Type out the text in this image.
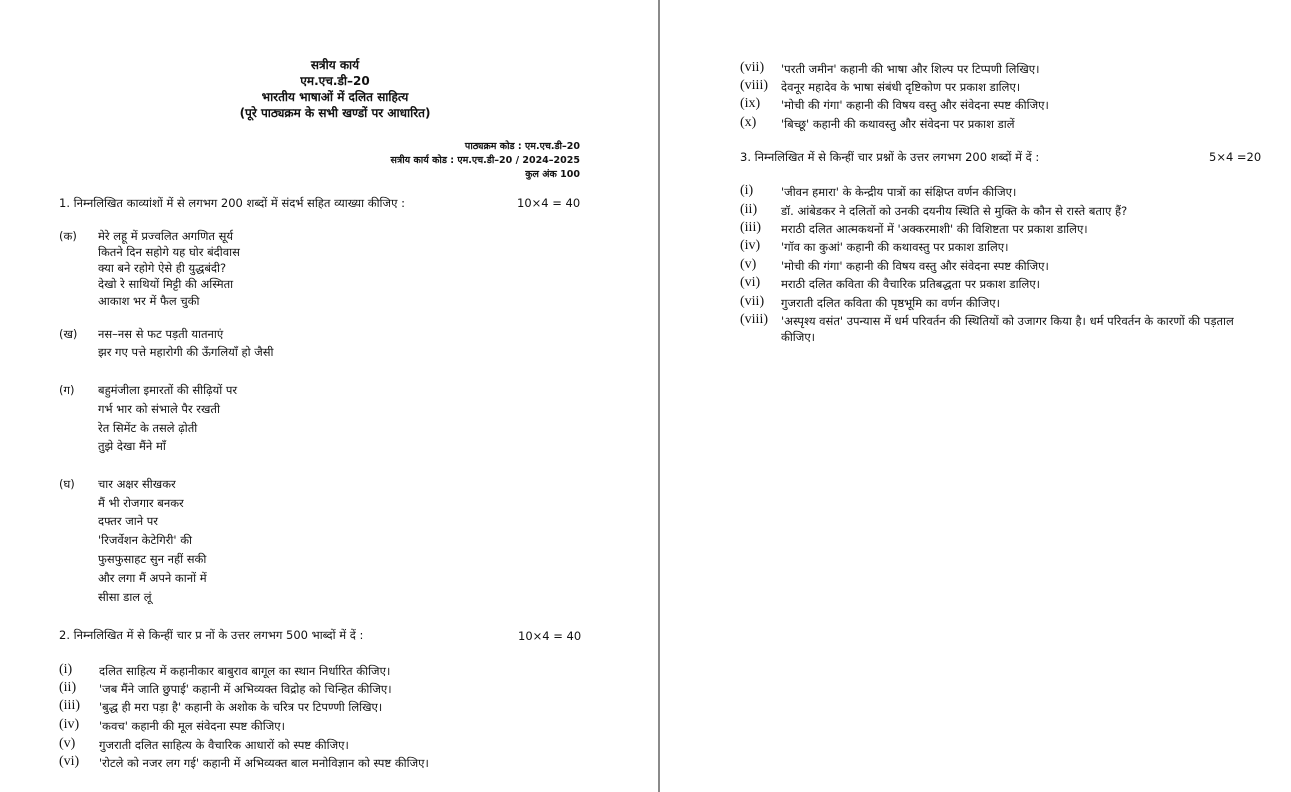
सत्रीय कार्य
एम.एच.डी–20
भारतीय भाषाओं में दलित साहित्य
(पूरे पाठ्यक्रम के सभी खण्डों पर आधारित)
पाठ्यक्रम कोड : एम.एच.डी–20
सत्रीय कार्य कोड : एम.एच.डी–20 / 2024–2025
कुल अंक 100
1. निम्नलिखित काव्यांशों में से लगभग 200 शब्दों में संदर्भ सहित व्याख्या कीजिए :	10×4 = 40
(क) मेरे लहू में प्रज्वलित अगणित सूर्य
कितने दिन सहोगे यह घोर बंदीवास
क्या बने रहोगे ऐसे ही युद्धबंदी?
देखो रे साथियों मिट्टी की अस्मिता
आकाश भर में फैल चुकी
(ख) नस–नस से फट पड़ती यातनाएं
झर गए पत्ते महारोगी की ऊँगलियाँ हो जैसी
(ग) बहुमंजीला इमारतों की सीढ़ियों पर
गर्भ भार को संभाले पैर रखती
रेत सिमेंट के तसले ढ़ोती
तुझे देखा मैंने माँ
(घ) चार अक्षर सीखकर
मैं भी रोजगार बनकर
दफ्तर जाने पर
'रिजर्वेशन केटेगिरी' की
फुसफुसाहट सुन नहीं सकी
और लगा मैं अपने कानों में
सीसा डाल लूं
2. निम्नलिखित में से किन्हीं चार प्र नों के उत्तर लगभग 500 भाब्दों में दें :	10×4 = 40
(i) दलित साहित्य में कहानीकार बाबुराव बागूल का स्थान निर्धारित कीजिए।
(ii) 'जब मैंने जाति छुपाई' कहानी में अभिव्यक्त विद्रोह को चिन्हित कीजिए।
(iii) 'बुद्ध ही मरा पड़ा है' कहानी के अशोक के चरित्र पर टिपण्णी लिखिए।
(iv) 'कवच' कहानी की मूल संवेदना स्पष्ट कीजिए।
(v) गुजराती दलित साहित्य के वैचारिक आधारों को स्पष्ट कीजिए।
(vi) 'रोटले को नजर लग गई' कहानी में अभिव्यक्त बाल मनोविज्ञान को स्पष्ट कीजिए।
(vii) 'परती जमीन' कहानी की भाषा और शिल्प पर टिप्पणी लिखिए।
(viii) देवनूर महादेव के भाषा संबंधी दृष्टिकोण पर प्रकाश डालिए।
(ix) 'मोची की गंगा' कहानी की विषय वस्तु और संवेदना स्पष्ट कीजिए।
(x) 'बिच्छू' कहानी की कथावस्तु और संवेदना पर प्रकाश डालें
3. निम्नलिखित में से किन्हीं चार प्रश्नों के उत्तर लगभग 200 शब्दों में दें :	5×4 =20
(i) 'जीवन हमारा' के केन्द्रीय पात्रों का संक्षिप्त वर्णन कीजिए।
(ii) डॉ. आंबेडकर ने दलितों को उनकी दयनीय स्थिति से मुक्ति के कौन से रास्ते बताए हैं?
(iii) मराठी दलित आत्मकथनों में 'अक्करमाशी' की विशिष्टता पर प्रकाश डालिए।
(iv) 'गॉव का कुआं' कहानी की कथावस्तु पर प्रकाश डालिए।
(v) 'मोची की गंगा' कहानी की विषय वस्तु और संवेदना स्पष्ट कीजिए।
(vi) मराठी दलित कविता की वैचारिक प्रतिबद्धता पर प्रकाश डालिए।
(vii) गुजराती दलित कविता की पृष्ठभूमि का वर्णन कीजिए।
(viii) 'अस्पृश्य वसंत' उपन्यास में धर्म परिवर्तन की स्थितियों को उजागर किया है। धर्म परिवर्तन के कारणों की पड़ताल कीजिए।
